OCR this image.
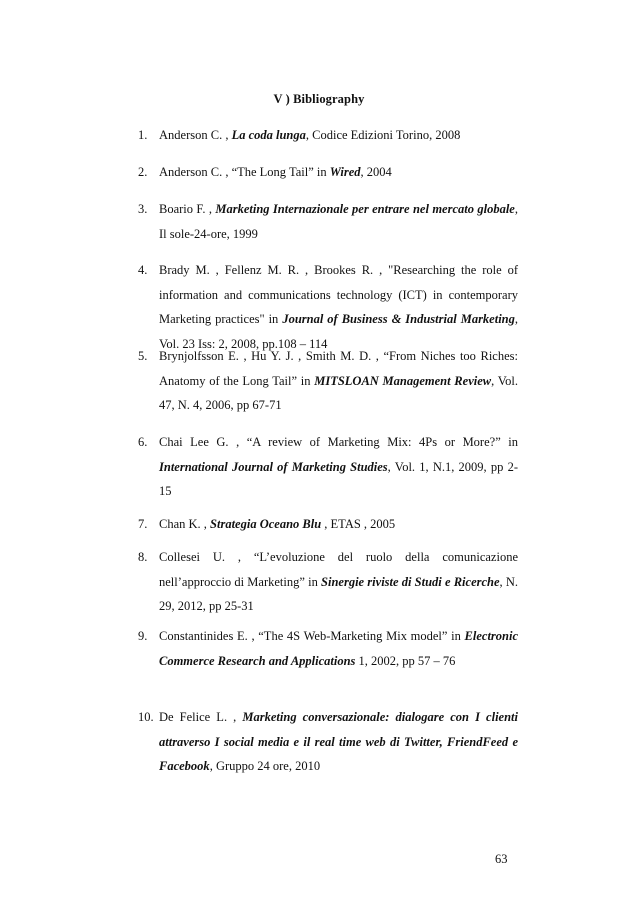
V ) Bibliography
1. Anderson C. , La coda lunga, Codice Edizioni Torino, 2008
2. Anderson C. , “The Long Tail” in Wired, 2004
3. Boario F. , Marketing Internazionale per entrare nel mercato globale, Il sole-24-ore, 1999
4. Brady M. , Fellenz M. R. , Brookes R. , "Researching the role of information and communications technology (ICT) in contemporary Marketing practices" in Journal of Business & Industrial Marketing, Vol. 23 Iss: 2, 2008, pp.108 – 114
5. Brynjolfsson E. , Hu Y. J. , Smith M. D. , “From Niches too Riches: Anatomy of the Long Tail” in MITSLOAN Management Review, Vol. 47, N. 4, 2006, pp 67-71
6. Chai Lee G. , “A review of Marketing Mix: 4Ps or More?” in International Journal of Marketing Studies, Vol. 1, N.1, 2009, pp 2-15
7. Chan K. , Strategia Oceano Blu , ETAS , 2005
8. Collesei U. , “L’evoluzione del ruolo della comunicazione nell’approccio di Marketing” in Sinergie riviste di Studi e Ricerche, N. 29, 2012, pp 25-31
9. Constantinides E. , “The 4S Web-Marketing Mix model” in Electronic Commerce Research and Applications 1, 2002, pp 57 – 76
10. De Felice L. , Marketing conversazionale: dialogare con I clienti attraverso I social media e il real time web di Twitter, FriendFeed e Facebook, Gruppo 24 ore, 2010
63
